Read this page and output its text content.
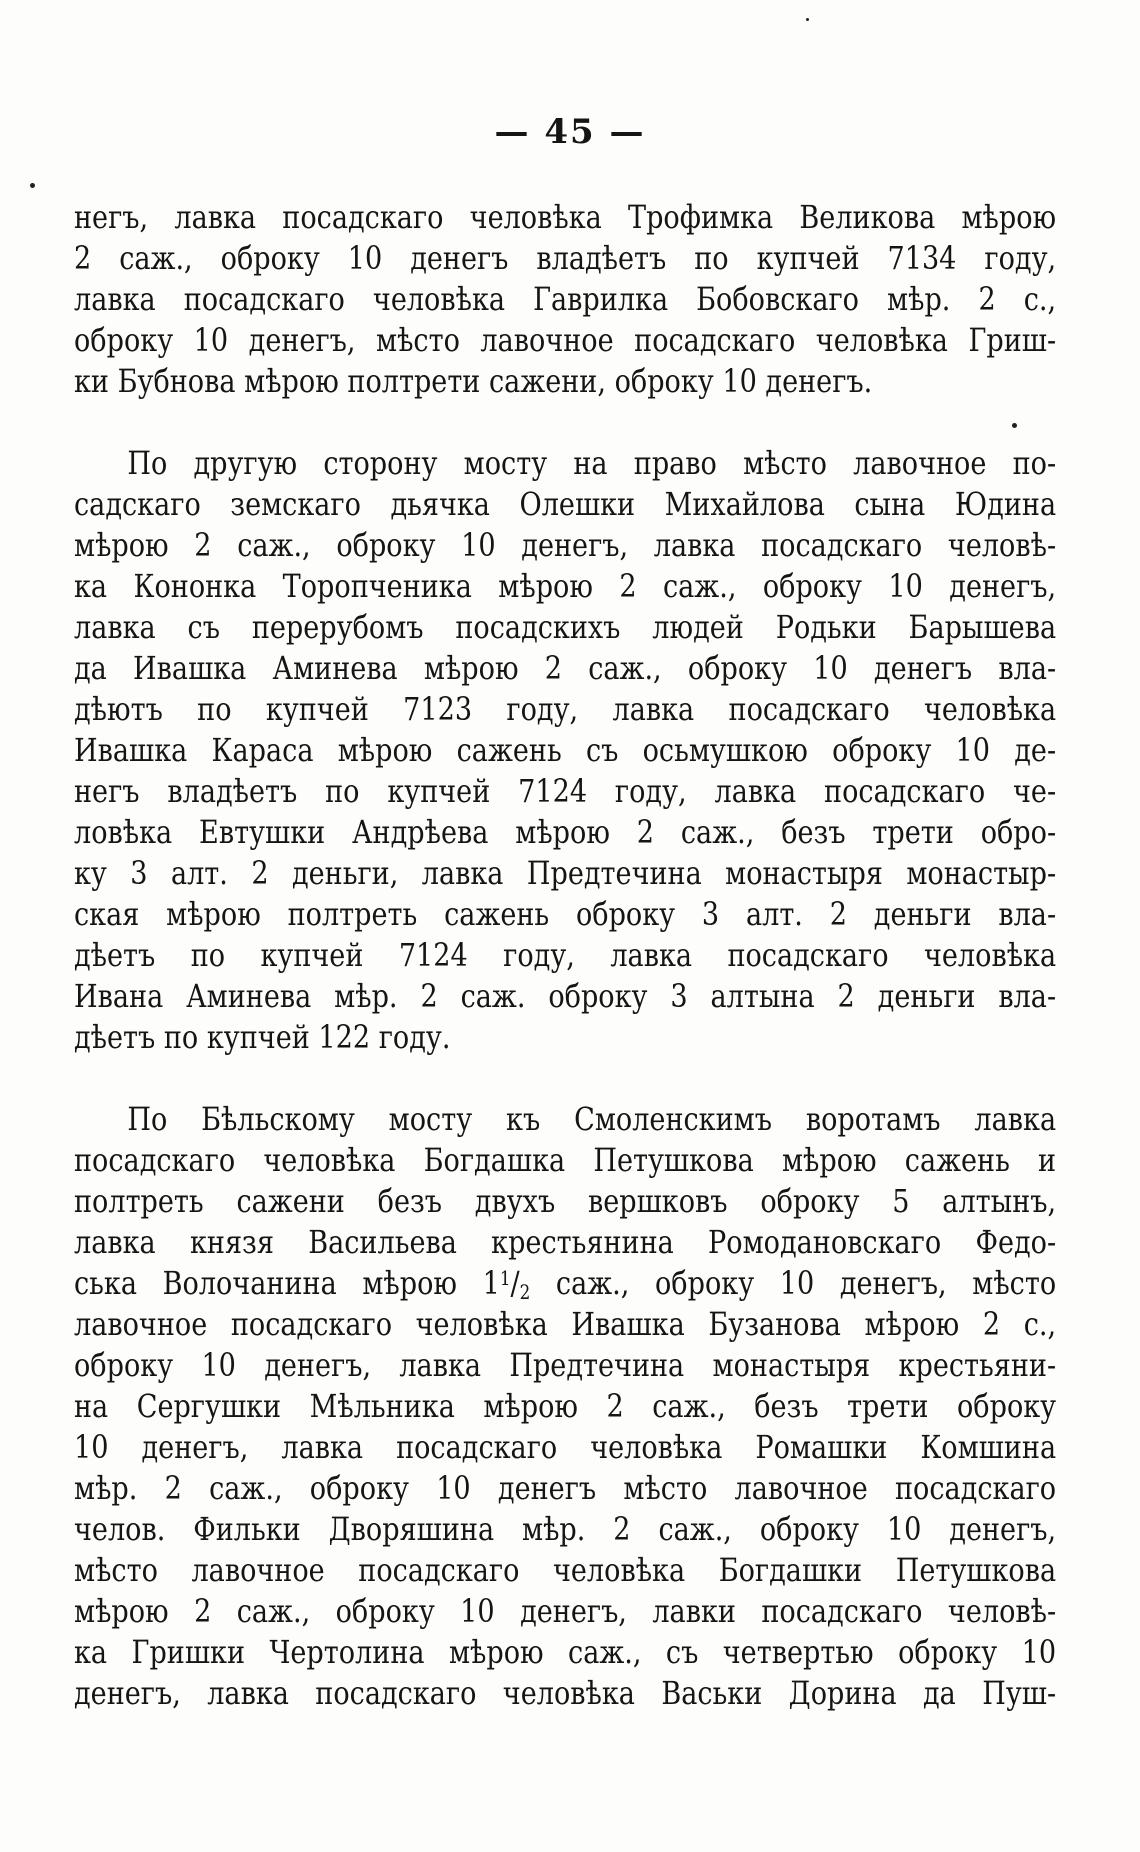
— 45 —
негъ, лавка посадскаго человѣка Трофимка Великова мѣрою
2 саж., оброку 10 денегъ владѣетъ по купчей 7134 году,
лавка посадскаго человѣка Гаврилка Бобовскаго мѣр. 2 с.,
оброку 10 денегъ, мѣсто лавочное посадскаго человѣка Гриш-
ки Бубнова мѣрою полтрети сажени, оброку 10 денегъ.
По другую сторону мосту на право мѣсто лавочное по-
садскаго земскаго дьячка Олешки Михайлова сына Юдина
мѣрою 2 саж., оброку 10 денегъ, лавка посадскаго человѣ-
ка Кононка Торопченика мѣрою 2 саж., оброку 10 денегъ,
лавка съ перерубомъ посадскихъ людей Родьки Барышева
да Ивашка Аминева мѣрою 2 саж., оброку 10 денегъ вла-
дѣютъ по купчей 7123 году, лавка посадскаго человѣка
Ивашка Караса мѣрою сажень съ осьмушкою оброку 10 де-
негъ владѣетъ по купчей 7124 году, лавка посадскаго че-
ловѣка Евтушки Андрѣева мѣрою 2 саж., безъ трети обро-
ку 3 алт. 2 деньги, лавка Предтечина монастыря монастыр-
ская мѣрою полтреть сажень оброку 3 алт. 2 деньги вла-
дѣетъ по купчей 7124 году, лавка посадскаго человѣка
Ивана Аминева мѣр. 2 саж. оброку 3 алтына 2 деньги вла-
дѣетъ по купчей 122 году.
По Бѣльскому мосту къ Смоленскимъ воротамъ лавка
посадскаго человѣка Богдашка Петушкова мѣрою сажень и
полтреть сажени безъ двухъ вершковъ оброку 5 алтынъ,
лавка князя Васильева крестьянина Ромодановскаго Федо-
ська Волочанина мѣрою $1^1/_2$ саж., оброку 10 денегъ, мѣсто
лавочное посадскаго человѣка Ивашка Бузанова мѣрою 2 с.,
оброку 10 денегъ, лавка Предтечина монастыря крестьяни-
на Сергушки Мѣльника мѣрою 2 саж., безъ трети оброку
10 денегъ, лавка посадскаго человѣка Ромашки Комшина
мѣр. 2 саж., оброку 10 денегъ мѣсто лавочное посадскаго
челов. Фильки Дворяшина мѣр. 2 саж., оброку 10 денегъ,
мѣсто лавочное посадскаго человѣка Богдашки Петушкова
мѣрою 2 саж., оброку 10 денегъ, лавки посадскаго человѣ-
ка Гришки Чертолина мѣрою саж., съ четвертью оброку 10
денегъ, лавка посадскаго человѣка Васьки Дорина да Пуш-
